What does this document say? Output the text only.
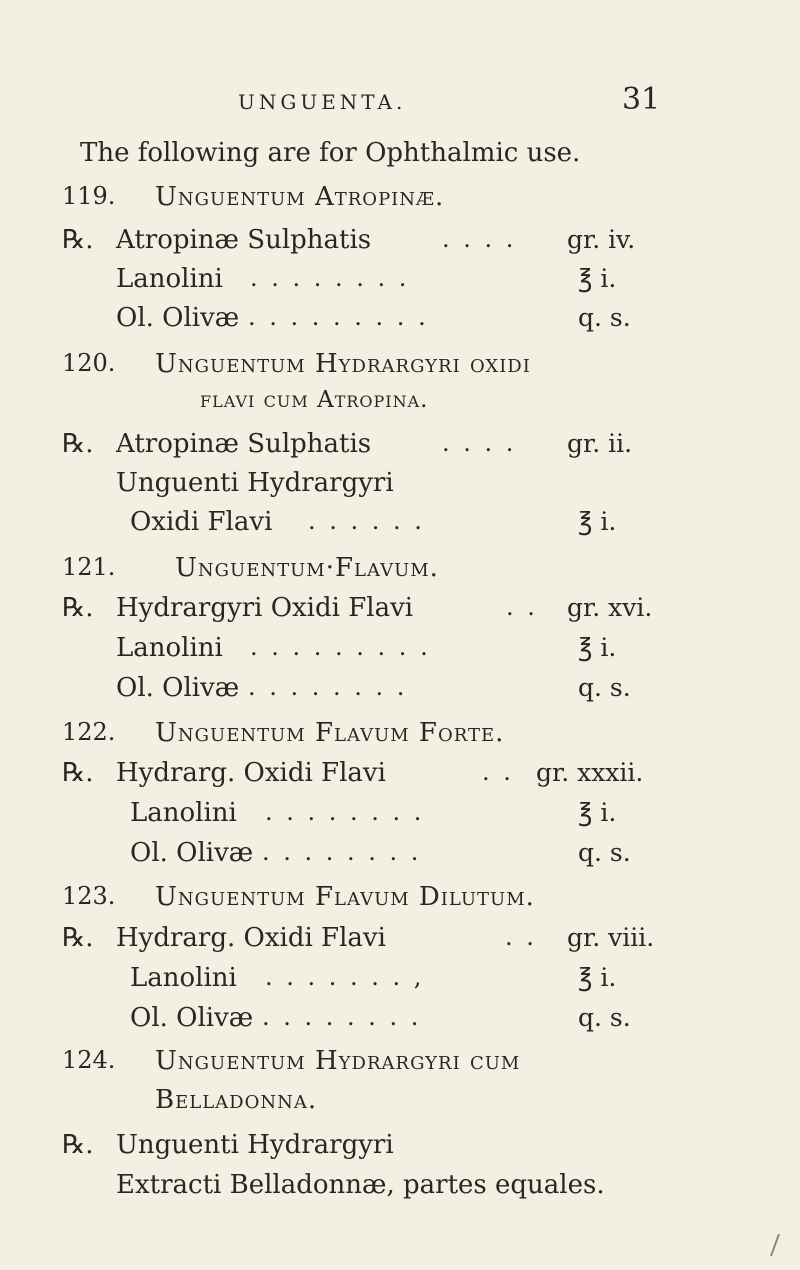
UNGUENTA.	31
The following are for Ophthalmic use.
119. Unguentum Atropinæ.
℞. Atropinæ Sulphatis	. . . . gr. iv.
Lanolini . . . . . . . .	℥ i.
Ol. Olivæ . . . . . . . . .	q. s.
120. Unguentum Hydrargyri oxidi
flavi cum Atropina.
℞. Atropinæ Sulphatis	. . . . gr. ii.
Unguenti Hydrargyri
Oxidi Flavi . . . . . .	℥ i.
121. Unguentum·Flavum.
℞. Hydrargyri Oxidi Flavi	. . gr. xvi.
Lanolini . . . . . . . . .	℥ i.
Ol. Olivæ . . . . . . . .	q. s.
122. Unguentum Flavum Forte.
℞. Hydrarg. Oxidi Flavi	. . gr. xxxii.
Lanolini . . . . . . . .	℥ i.
Ol. Olivæ . . . . . . . .	q. s.
123. Unguentum Flavum Dilutum.
℞. Hydrarg. Oxidi Flavi	. . gr. viii.
Lanolini . . . . . . . ,	℥ i.
Ol. Olivæ . . . . . . . .	q. s.
124. Unguentum Hydrargyri cum
Belladonna.
℞. Unguenti Hydrargyri
Extracti Belladonnæ, partes equales.
